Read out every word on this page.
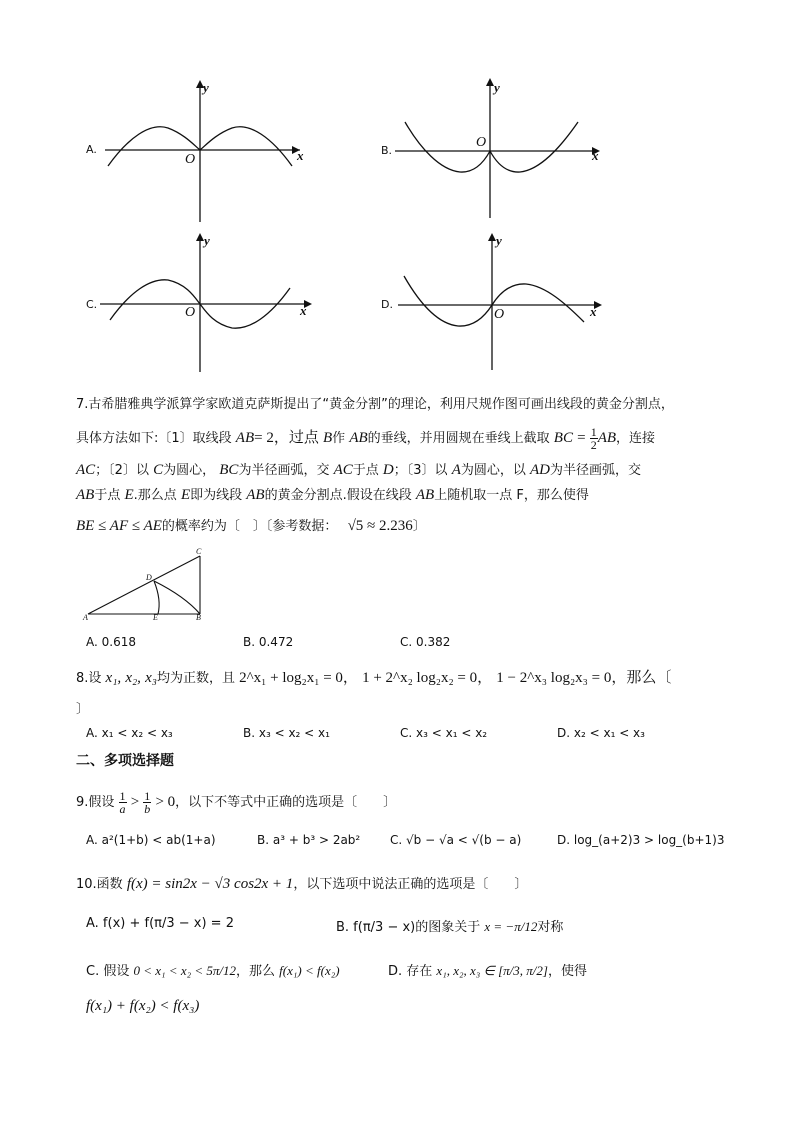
A.
y
x
O
B.
y
x
O
C.
y
x
O
D.
y
x
O
7.古希腊雅典学派算学家欧道克萨斯提出了“黄金分割”的理论，利用尺规作图可画出线段的黄金分割点，
具体方法如下:〔1〕取线段 AB= 2，过点 B作 AB的垂线，并用圆规在垂线上截取 BC = $\frac{1}{2}$ AB，连接
AC；〔2〕以 C为圆心， BC为半径画弧，交 AC于点 D；〔3〕以 A为圆心，以 AD为半径画弧，交
AB于点 E.那么点 E即为线段 AB的黄金分割点.假设在线段 AB上随机取一点 F，那么使得
BE ≤ AF ≤ AE的概率约为〔　〕〔参考数据： √5 ≈ 2.236〕
A	B
C
D
E
A. 0.618	B. 0.472	C. 0.382
8.设 x₁, x₂, x₃均为正数，且 2^x₁ + log₂x₁ = 0， 1 + 2^x₂ log₂x₂ = 0， 1 − 2^x₃ log₂x₃ = 0，那么〔
〕
A. x₁ < x₂ < x₃	B. x₃ < x₂ < x₁	C. x₃ < x₁ < x₂	D. x₂ < x₁ < x₃
二、多项选择题
9.假设 $\frac{1}{a} > \frac{1}{b} > 0$，以下不等式中正确的选项是〔　　〕
A. a²(1+b) < ab(1+a)	B. a³ + b³ > 2ab² C. √b − √a < √(b − a)	D. log_(a+2)3 > log_(b+1)3
10.函数 f(x) = sin2x − √3 cos2x + 1，以下选项中说法正确的选项是〔　　〕
A. f(x) + f(π/3 − x) = 2	B. f(π/3 − x)的图象关于 x = −π/12对称
C. 假设 0 < x₁ < x₂ < 5π/12，那么 f(x₁) < f(x₂)	D. 存在 x₁, x₂, x₃ ∈ [π/3, π/2]，使得
f(x₁) + f(x₂) < f(x₃)
